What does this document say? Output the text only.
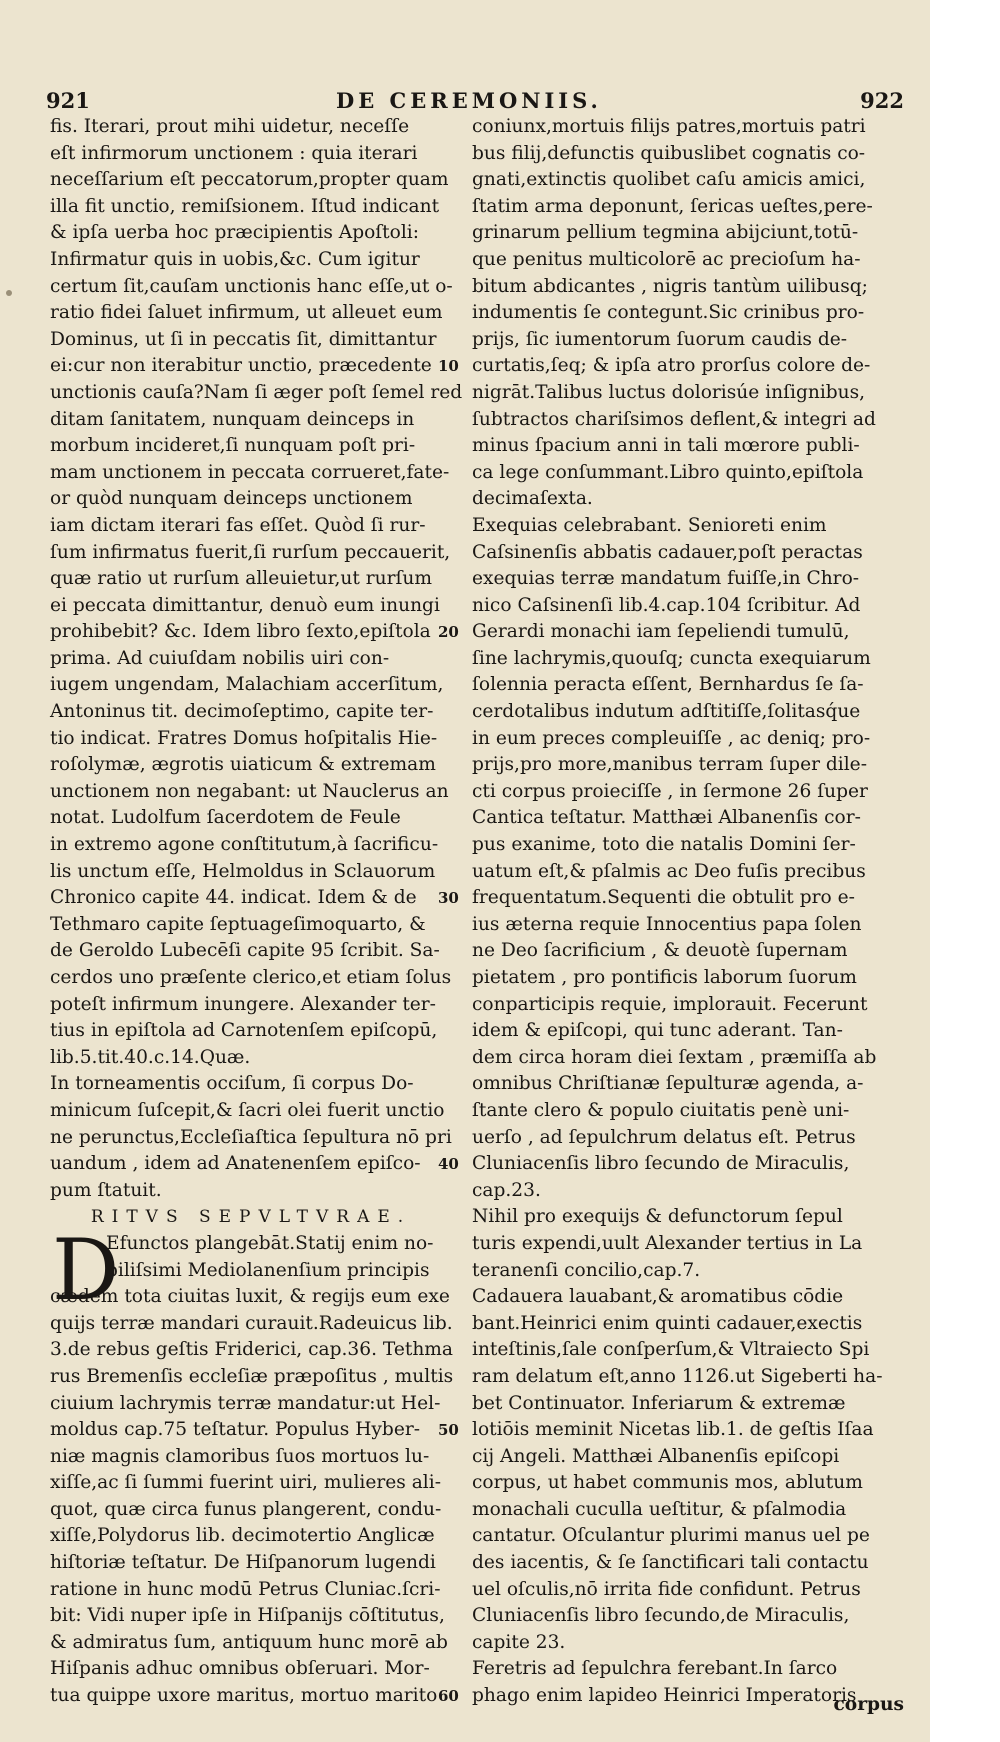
921	DE CEREMONIIS.	922
fis. Iterari, prout mihi uidetur, neceſſe
eſt infirmorum unctionem : quia iterari
neceſſarium eſt peccatorum,propter quam
illa fit unctio, remiſsionem. Iſtud indicant
& ipſa uerba hoc præcipientis Apoſtoli:
Infirmatur quis in uobis,&c. Cum igitur
certum ſit,cauſam unctionis hanc eſſe,ut o-
ratio fidei ſaluet infirmum, ut alleuet eum
Dominus, ut ſi in peccatis ſit, dimittantur
ei:cur non iterabitur unctio, præcedente
unctionis cauſa?Nam ſi æger poſt ſemel red
ditam ſanitatem, nunquam deinceps in
morbum incideret,ſi nunquam poſt pri-
mam unctionem in peccata corrueret,fate-
or quòd nunquam deinceps unctionem
iam dictam iterari fas eſſet. Quòd ſi rur-
ſum infirmatus fuerit,ſi rurſum peccauerit,
quæ ratio ut rurſum alleuietur,ut rurſum
ei peccata dimittantur, denuò eum inungi
prohibebit? &c. Idem libro ſexto,epiſtola
prima. Ad cuiuſdam nobilis uiri con-
iugem ungendam, Malachiam accerſitum,
Antoninus tit. decimoſeptimo, capite ter-
tio indicat. Fratres Domus hoſpitalis Hie-
roſolymæ, ægrotis uiaticum & extremam
unctionem non negabant: ut Nauclerus an
notat. Ludolfum ſacerdotem de Feule
in extremo agone conſtitutum,à ſacrificu-
lis unctum eſſe, Helmoldus in Sclauorum
Chronico capite 44. indicat. Idem & de
Tethmaro capite ſeptuageſimoquarto, &
de Geroldo Lubecēſi capite 95 ſcribit. Sa-
cerdos uno præſente clerico,et etiam ſolus
poteſt infirmum inungere. Alexander ter-
tius in epiſtola ad Carnotenſem epiſcopū,
lib.5.tit.40.c.14.Quæ.
In torneamentis occiſum, ſi corpus Do-
minicum ſuſcepit,& ſacri olei fuerit unctio
ne perunctus,Eccleſiaſtica ſepultura nō pri
uandum , idem ad Anatenenſem epiſco-
pum ſtatuit.
RITVS SEPVLTVRAE.
D
Efunctos plangebāt.Statij enim no-
biliſsimi Mediolanenſium principis
cædem tota ciuitas luxit, & regijs eum exe
quijs terræ mandari curauit.Radeuicus lib.
3.de rebus geſtis Friderici, cap.36. Tethma
rus Bremenſis eccleſiæ præpoſitus , multis
ciuium lachrymis terræ mandatur:ut Hel-
moldus cap.75 teſtatur. Populus Hyber-
niæ magnis clamoribus ſuos mortuos lu-
xiſſe,ac ſi ſummi fuerint uiri, mulieres ali-
quot, quæ circa funus plangerent, condu-
xiſſe,Polydorus lib. decimotertio Anglicæ
hiſtoriæ teſtatur. De Hiſpanorum lugendi
ratione in hunc modū Petrus Cluniac.ſcri-
bit: Vidi nuper ipſe in Hiſpanijs cōſtitutus,
& admiratus ſum, antiquum hunc morē ab
Hiſpanis adhuc omnibus obſeruari. Mor-
tua quippe uxore maritus, mortuo marito
10
20
30
40
50
60
coniunx,mortuis filijs patres,mortuis patri
bus filij,defunctis quibuslibet cognatis co-
gnati,extinctis quolibet caſu amicis amici,
ſtatim arma deponunt, ſericas ueſtes,pere-
grinarum pellium tegmina abijciunt,totū-
que penitus multicolorē ac precioſum ha-
bitum abdicantes , nigris tantùm uilibusq;
indumentis ſe contegunt.Sic crinibus pro-
prijs, ſic iumentorum ſuorum caudis de-
curtatis,ſeq; & ipſa atro prorſus colore de-
nigrāt.Talibus luctus dolorisúe inſignibus,
ſubtractos chariſsimos deflent,& integri ad
minus ſpacium anni in tali mœrore publi-
ca lege conſummant.Libro quinto,epiſtola
decimaſexta.
Exequias celebrabant. Senioreti enim
Caſsinenſis abbatis cadauer,poſt peractas
exequias terræ mandatum fuiſſe,in Chro-
nico Caſsinenſi lib.4.cap.104 ſcribitur. Ad
Gerardi monachi iam ſepeliendi tumulū,
ſine lachrymis,quouſq; cuncta exequiarum
ſolennia peracta eſſent, Bernhardus ſe ſa-
cerdotalibus indutum adſtitiſſe,ſolitasq́ue
in eum preces compleuiſſe , ac deniq; pro-
prijs,pro more,manibus terram ſuper dile-
cti corpus proieciſſe , in ſermone 26 ſuper
Cantica teſtatur. Matthæi Albanenſis cor-
pus exanime, toto die natalis Domini ſer-
uatum eſt,& pſalmis ac Deo fuſis precibus
frequentatum.Sequenti die obtulit pro e-
ius æterna requie Innocentius papa ſolen
ne Deo ſacrificium , & deuotè ſupernam
pietatem , pro pontificis laborum ſuorum
conparticipis requie, implorauit. Fecerunt
idem & epiſcopi, qui tunc aderant. Tan-
dem circa horam diei ſextam , præmiſſa ab
omnibus Chriſtianæ ſepulturæ agenda, a-
ſtante clero & populo ciuitatis penè uni-
uerſo , ad ſepulchrum delatus eſt. Petrus
Cluniacenſis libro ſecundo de Miraculis,
cap.23.
Nihil pro exequijs & defunctorum ſepul
turis expendi,uult Alexander tertius in La
teranenſi concilio,cap.7.
Cadauera lauabant,& aromatibus cōdie
bant.Heinrici enim quinti cadauer,exectis
inteſtinis,ſale conſperſum,& Vltraiecto Spi
ram delatum eſt,anno 1126.ut Sigeberti ha-
bet Continuator. Inferiarum & extremæ
lotiōis meminit Nicetas lib.1. de geſtis Iſaa
cij Angeli. Matthæi Albanenſis epiſcopi
corpus, ut habet communis mos, ablutum
monachali cuculla ueſtitur, & pſalmodia
cantatur. Oſculantur plurimi manus uel pe
des iacentis, & ſe ſanctificari tali contactu
uel oſculis,nō irrita fide confidunt. Petrus
Cluniacenſis libro ſecundo,de Miraculis,
capite 23.
Feretris ad ſepulchra ferebant.In ſarco
phago enim lapideo Heinrici Imperatoris
corpus
